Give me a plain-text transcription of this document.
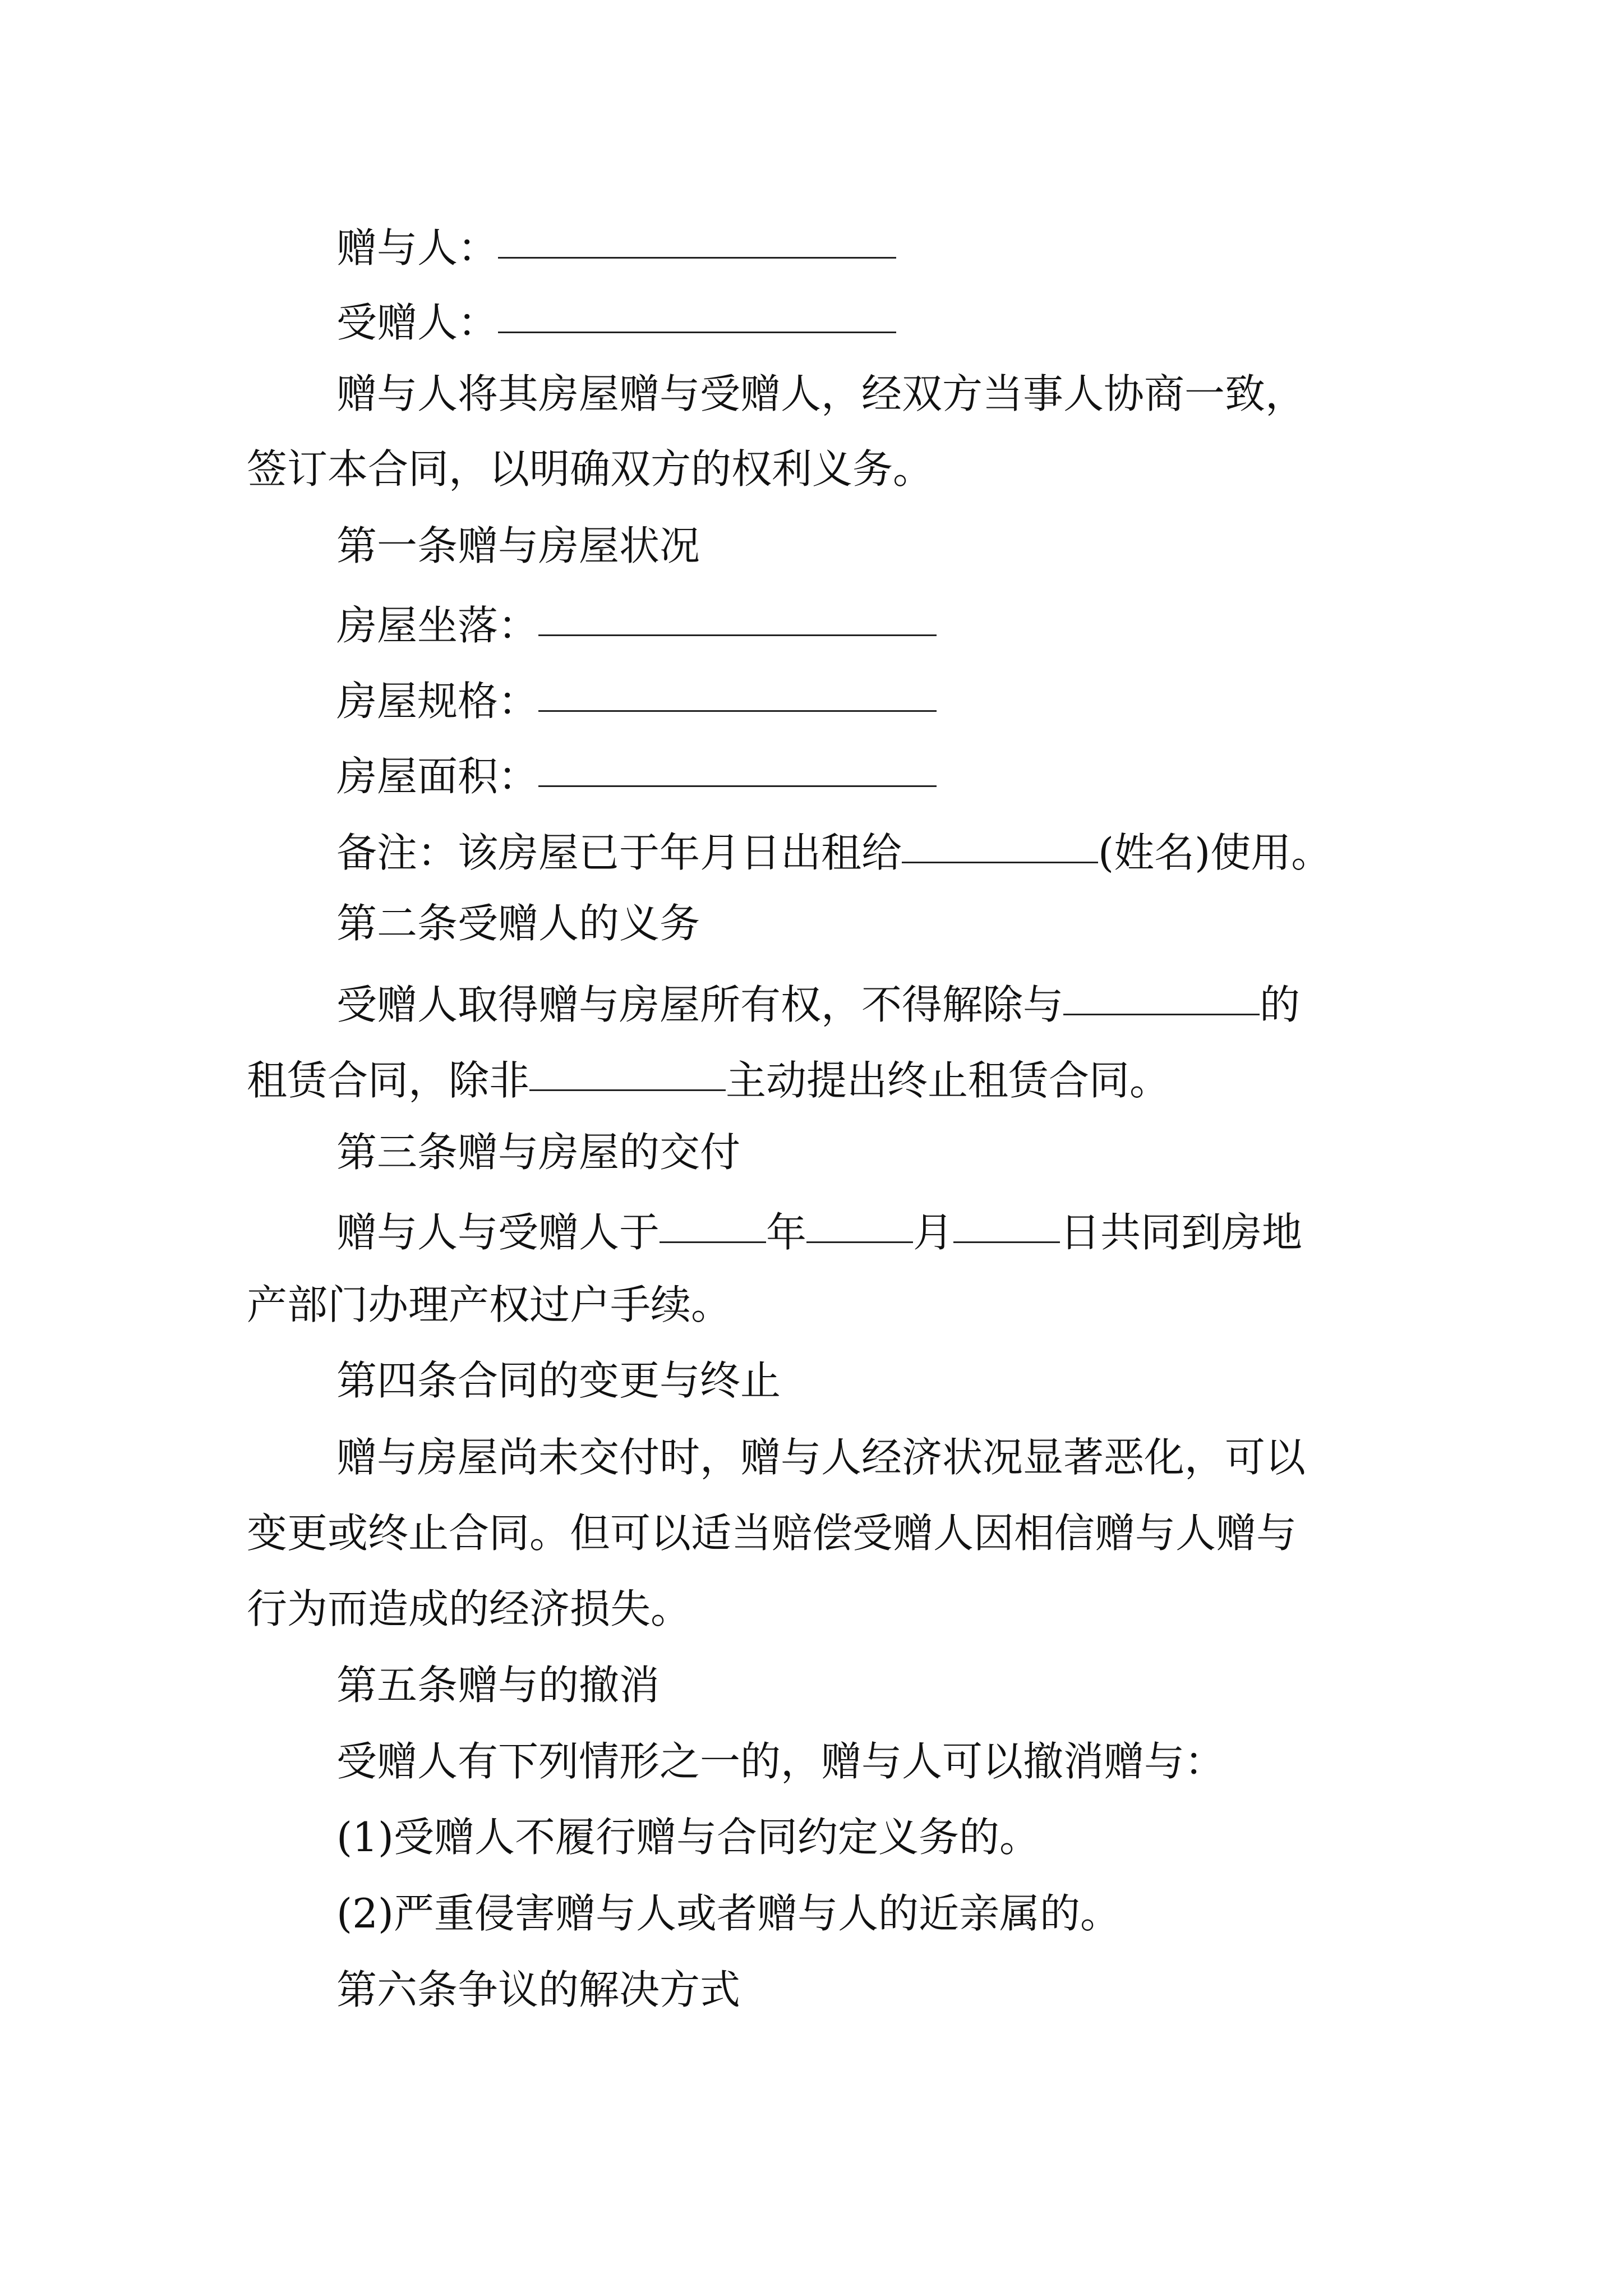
赠与人：
受赠人：
赠与人将其房屋赠与受赠人，经双方当事人协商一致，
签订本合同，以明确双方的权利义务。
第一条赠与房屋状况
房屋坐落：
房屋规格：
房屋面积：
备注：该房屋已于年月日出租给	(姓名)使用。
第二条受赠人的义务
受赠人取得赠与房屋所有权，不得解除与	的
租赁合同，除非	主动提出终止租赁合同。
第三条赠与房屋的交付
赠与人与受赠人于	年	月	日共同到房地
产部门办理产权过户手续。
第四条合同的变更与终止
赠与房屋尚未交付时，赠与人经济状况显著恶化，可以
变更或终止合同。但可以适当赔偿受赠人因相信赠与人赠与
行为而造成的经济损失。
第五条赠与的撤消
受赠人有下列情形之一的，赠与人可以撤消赠与：
(1)受赠人不履行赠与合同约定义务的。
(2)严重侵害赠与人或者赠与人的近亲属的。
第六条争议的解决方式
